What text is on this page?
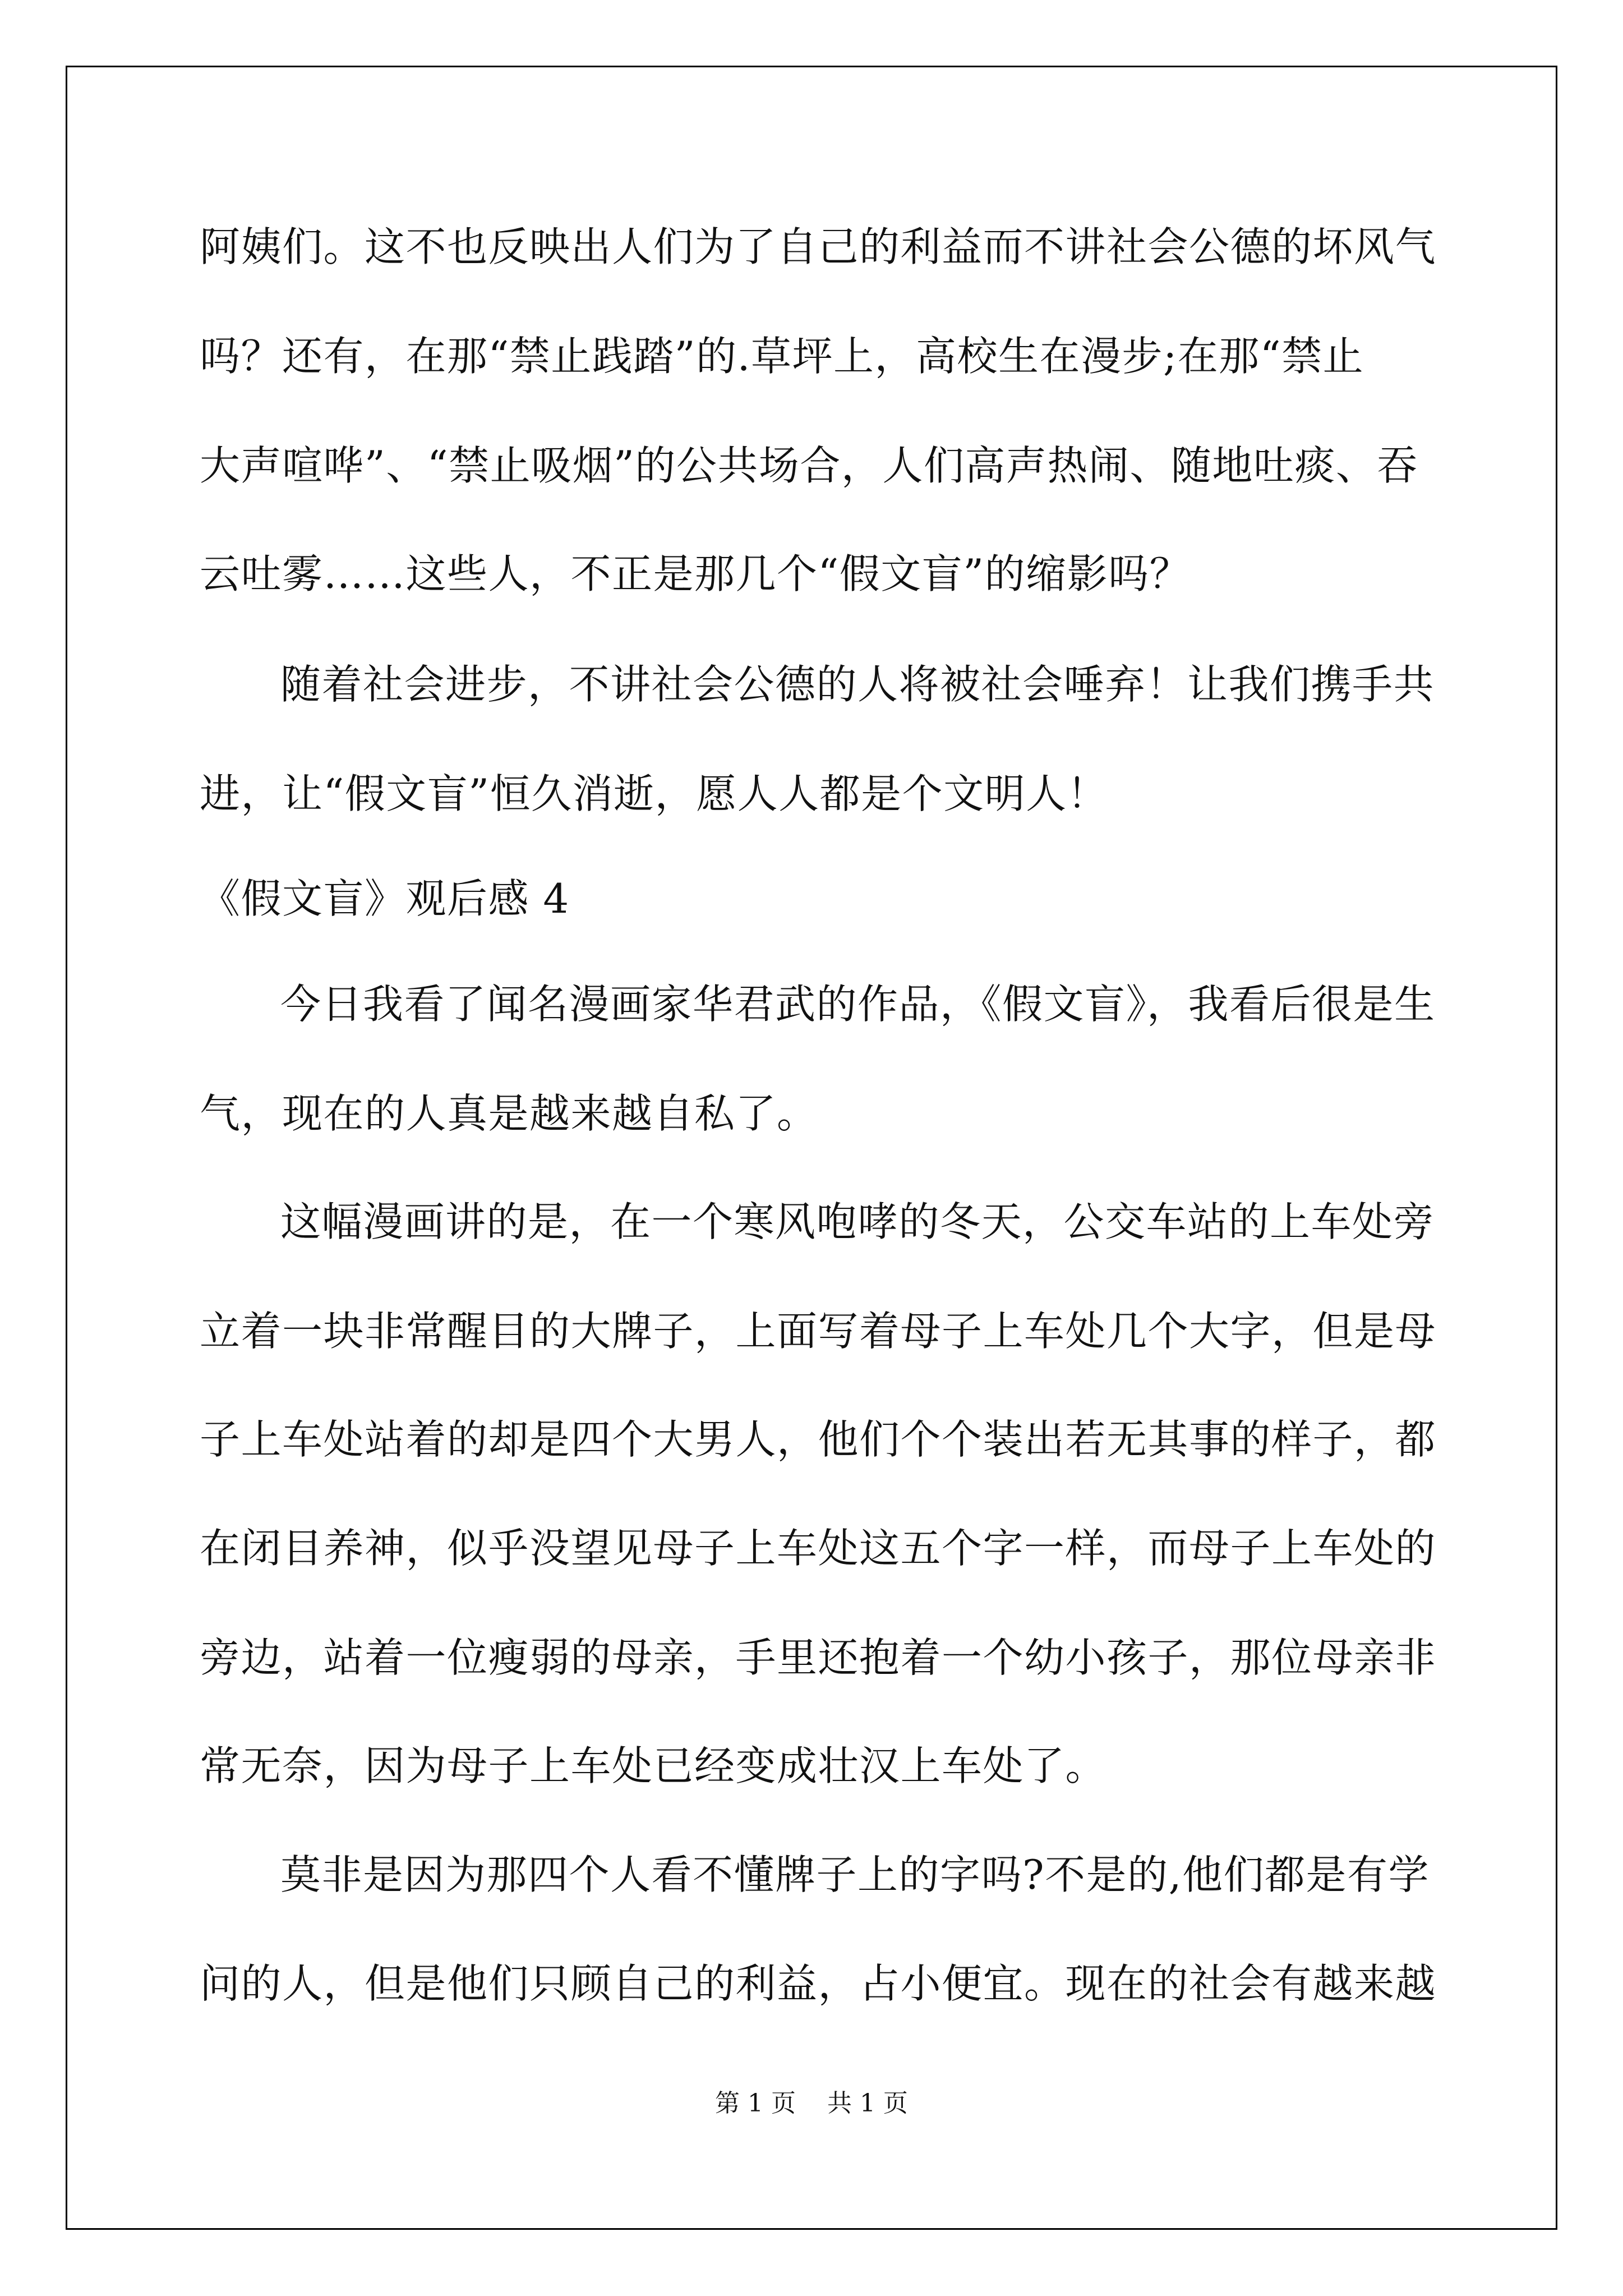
阿姨们。这不也反映出人们为了自己的利益而不讲社会公德的坏风气
吗？还有，在那“禁止践踏”的.草坪上，高校生在漫步;在那“禁止
大声喧哗”、“禁止吸烟”的公共场合，人们高声热闹、随地吐痰、吞
云吐雾……这些人，不正是那几个“假文盲”的缩影吗？
随着社会进步，不讲社会公德的人将被社会唾弃！让我们携手共
进，让“假文盲”恒久消逝，愿人人都是个文明人！
《假文盲》观后感 4
今日我看了闻名漫画家华君武的作品，《假文盲》，我看后很是生
气，现在的人真是越来越自私了。
这幅漫画讲的是，在一个寒风咆哮的冬天，公交车站的上车处旁
立着一块非常醒目的大牌子，上面写着母子上车处几个大字，但是母
子上车处站着的却是四个大男人，他们个个装出若无其事的样子，都
在闭目养神，似乎没望见母子上车处这五个字一样，而母子上车处的
旁边，站着一位瘦弱的母亲，手里还抱着一个幼小孩子，那位母亲非
常无奈，因为母子上车处已经变成壮汉上车处了。
莫非是因为那四个人看不懂牌子上的字吗?不是的,他们都是有学
问的人，但是他们只顾自己的利益，占小便宜。现在的社会有越来越
第 1 页    共 1 页
